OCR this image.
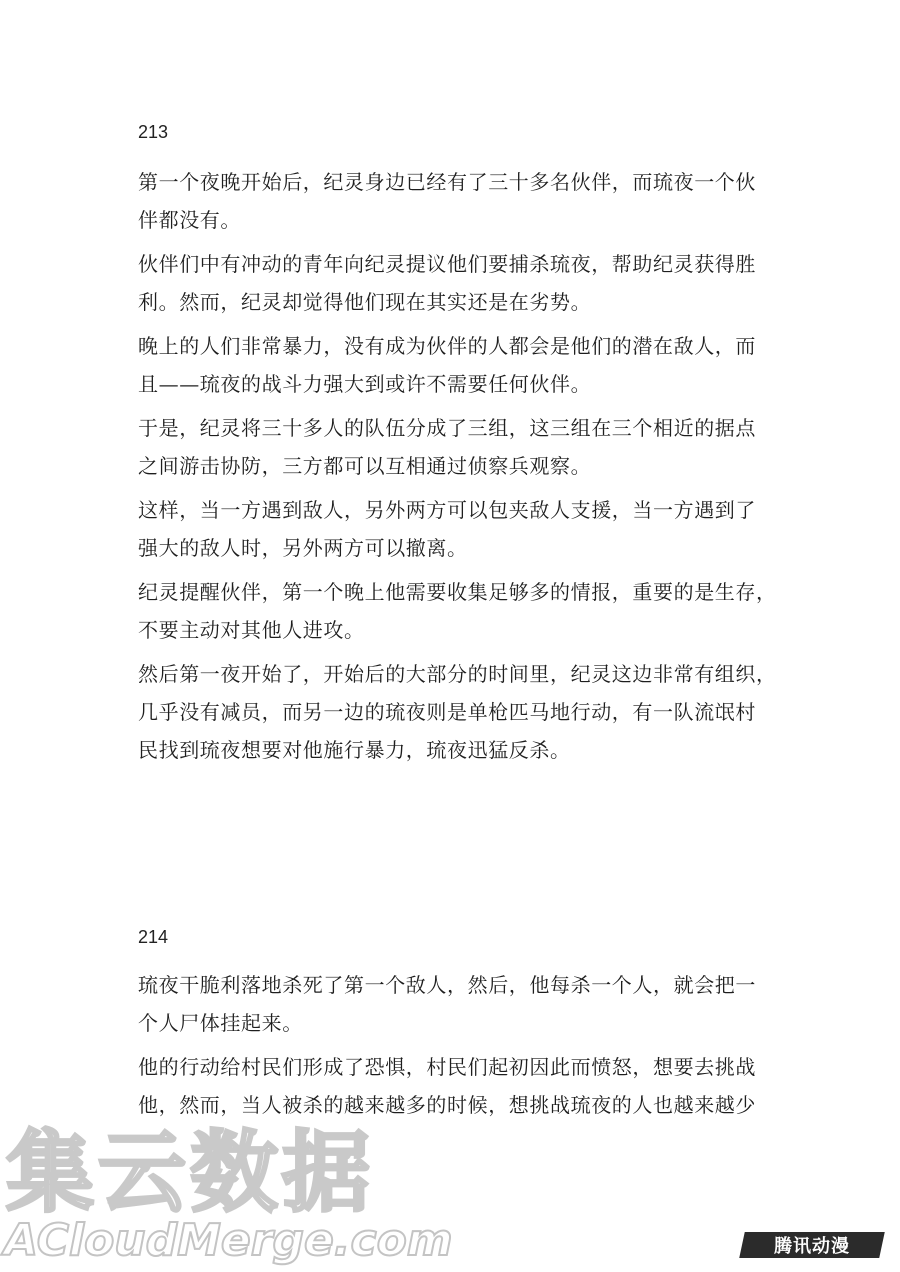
213
第一个夜晚开始后，纪灵身边已经有了三十多名伙伴，而琉夜一个伙
伴都没有。
伙伴们中有冲动的青年向纪灵提议他们要捕杀琉夜，帮助纪灵获得胜
利。然而，纪灵却觉得他们现在其实还是在劣势。
晚上的人们非常暴力，没有成为伙伴的人都会是他们的潜在敌人，而
且——琉夜的战斗力强大到或许不需要任何伙伴。
于是，纪灵将三十多人的队伍分成了三组，这三组在三个相近的据点
之间游击协防，三方都可以互相通过侦察兵观察。
这样，当一方遇到敌人，另外两方可以包夹敌人支援，当一方遇到了
强大的敌人时，另外两方可以撤离。
纪灵提醒伙伴，第一个晚上他需要收集足够多的情报，重要的是生存，
不要主动对其他人进攻。
然后第一夜开始了，开始后的大部分的时间里，纪灵这边非常有组织，
几乎没有减员，而另一边的琉夜则是单枪匹马地行动，有一队流氓村
民找到琉夜想要对他施行暴力，琉夜迅猛反杀。
214
琉夜干脆利落地杀死了第一个敌人，然后，他每杀一个人，就会把一
个人尸体挂起来。
他的行动给村民们形成了恐惧，村民们起初因此而愤怒，想要去挑战
他，然而，当人被杀的越来越多的时候，想挑战琉夜的人也越来越少
集云数据
ACloudMerge.com	腾讯动漫
